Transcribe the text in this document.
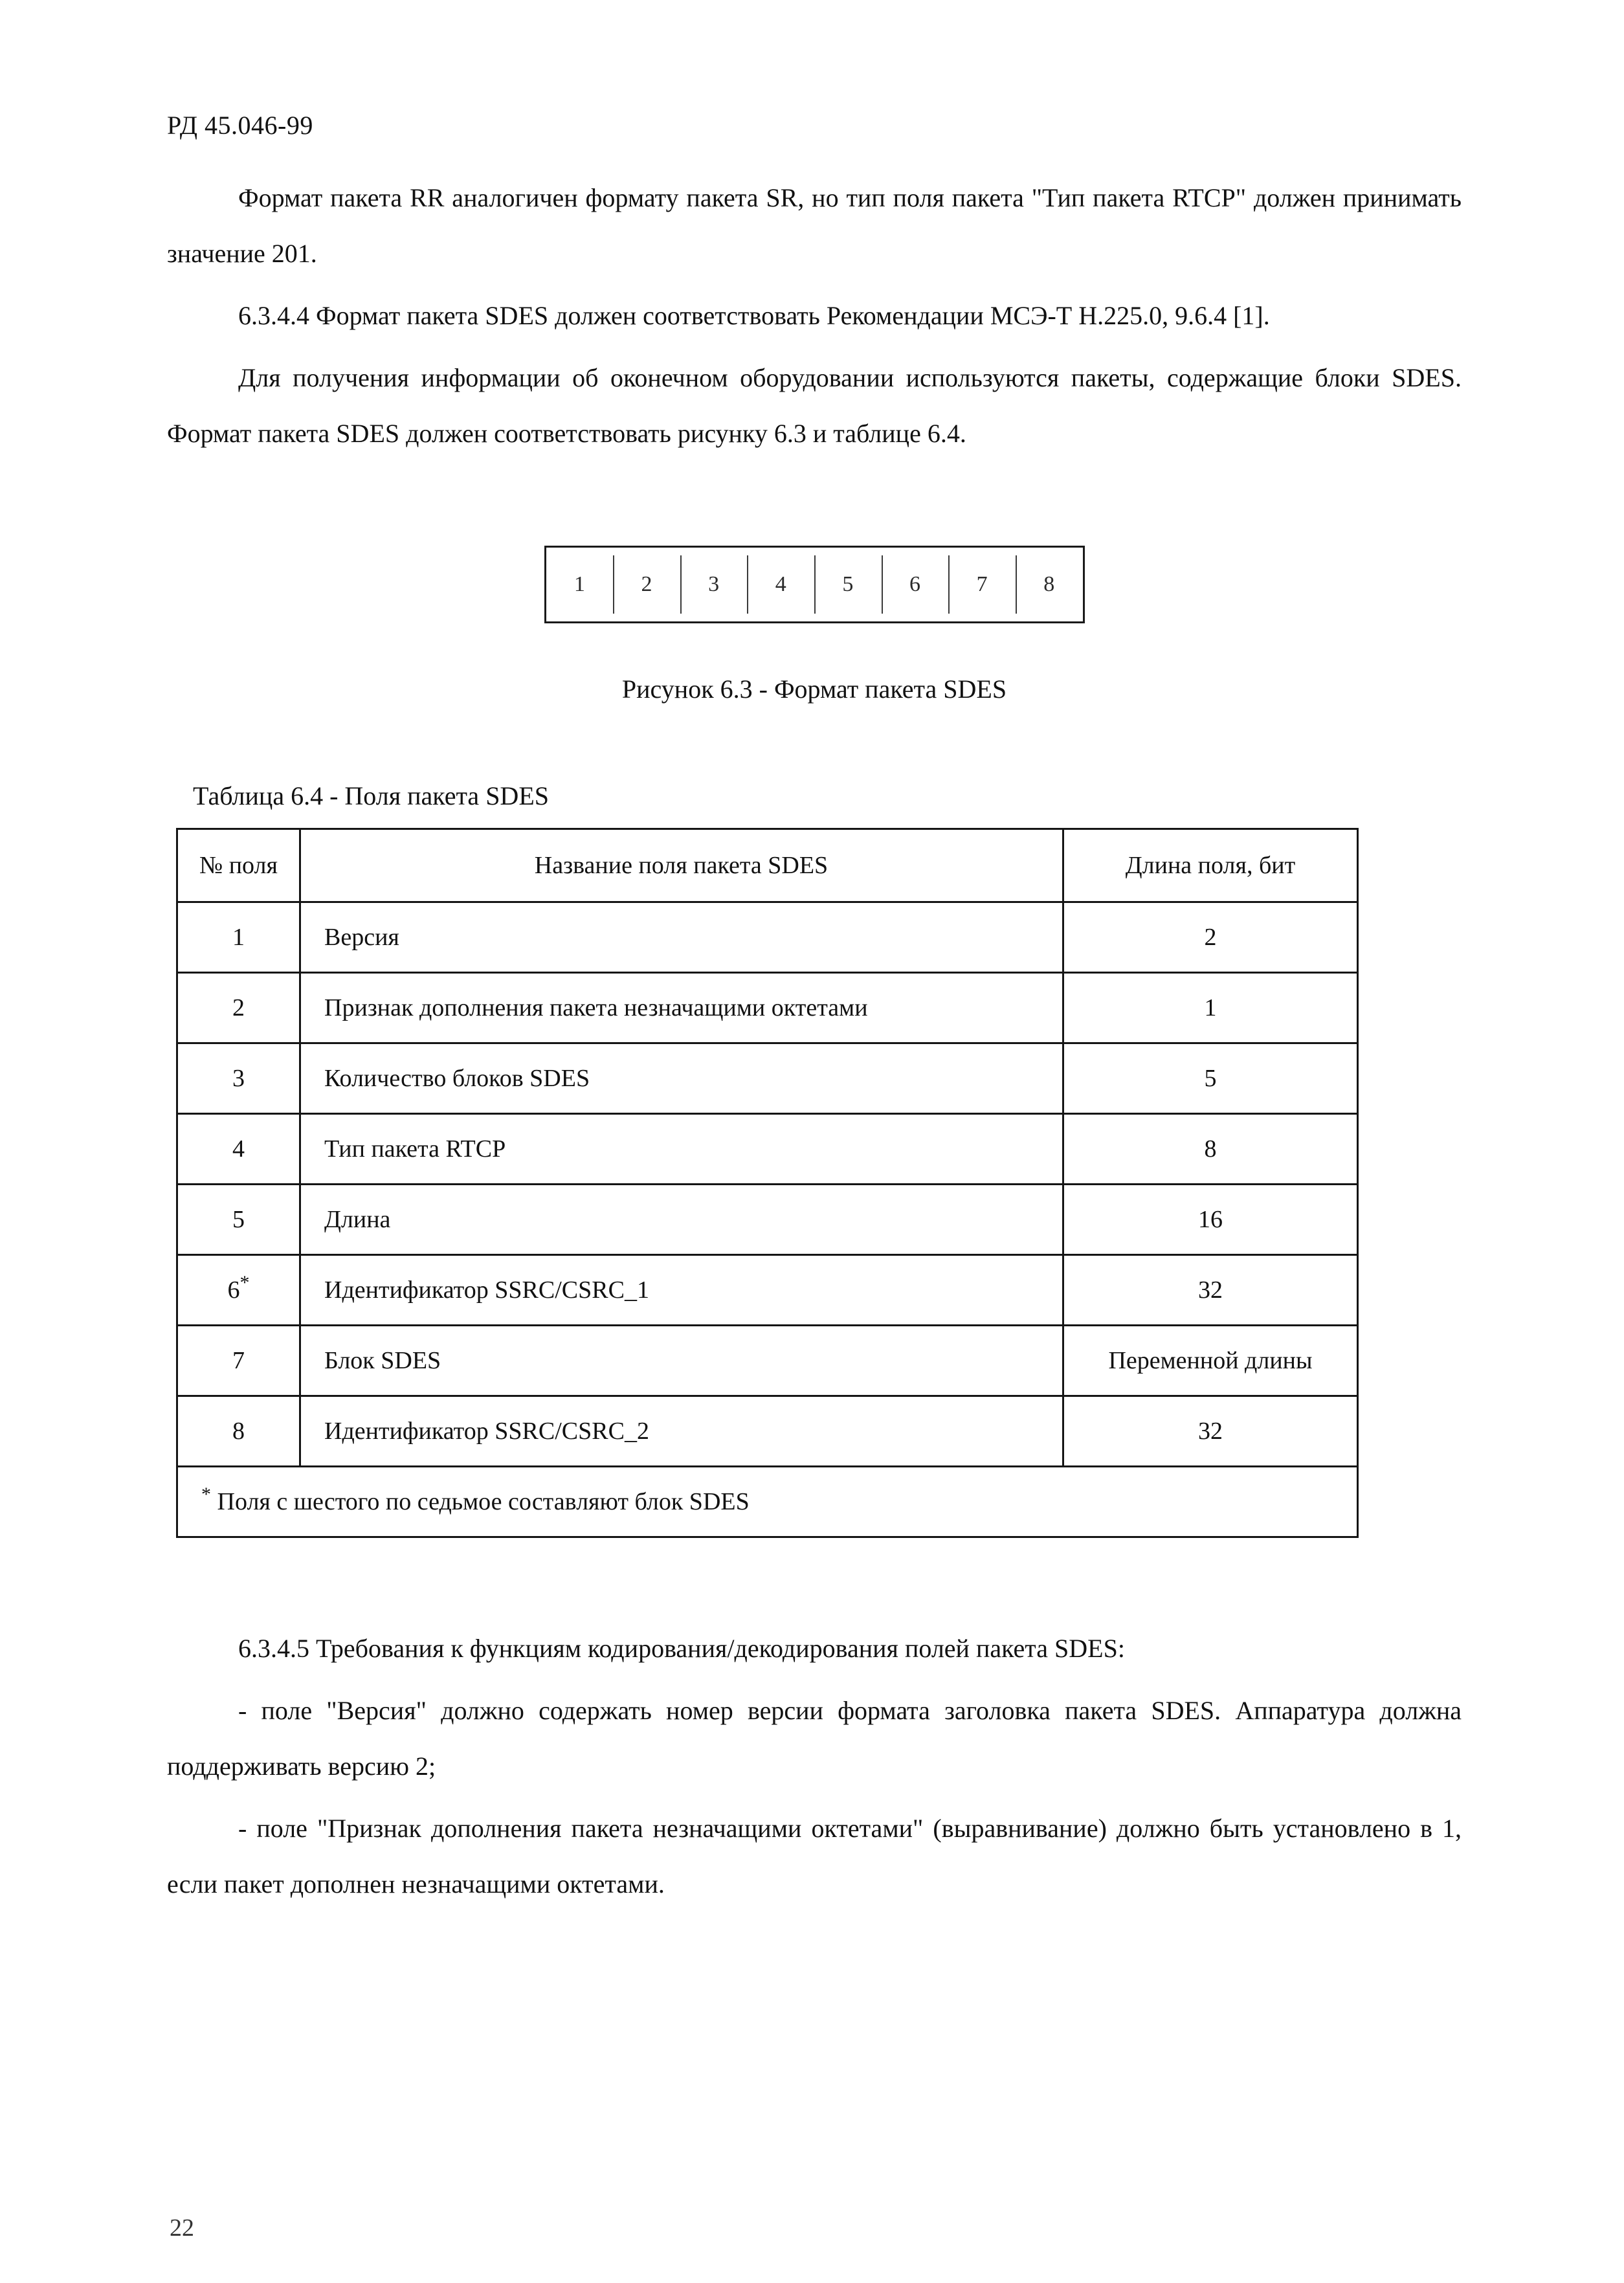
РД 45.046-99

Формат пакета RR аналогичен формату пакета SR, но тип поля пакета "Тип пакета RTCP" должен принимать значение 201.

6.3.4.4 Формат пакета SDES должен соответствовать Рекомендации МСЭ-Т Н.225.0, 9.6.4 [1].

Для получения информации об оконечном оборудовании используются пакеты, содержащие блоки SDES. Формат пакета SDES должен соответствовать рисунку 6.3 и таблице 6.4.

1	2	3	4	5	6	7	8
Рисунок 6.3 - Формат пакета SDES
Таблица 6.4 - Поля пакета SDES
№ поля	Название поля пакета SDES	Длина поля, бит
1	Версия	2
2	Признак дополнения пакета незначащими октетами	1
3	Количество блоков SDES	5
4	Тип пакета RTCP	8
5	Длина	16
6*	Идентификатор SSRC/CSRC_1	32
7	Блок SDES	Переменной длины
8	Идентификатор SSRC/CSRC_2	32
* Поля с шестого по седьмое составляют блок SDES		

6.3.4.5 Требования к функциям кодирования/декодирования полей пакета SDES:

- поле "Версия" должно содержать номер версии формата заголовка пакета SDES. Аппаратура должна поддерживать версию 2;

- поле "Признак дополнения пакета незначащими октетами" (выравнивание) должно быть установлено в 1, если пакет дополнен незначащими октетами.

22
